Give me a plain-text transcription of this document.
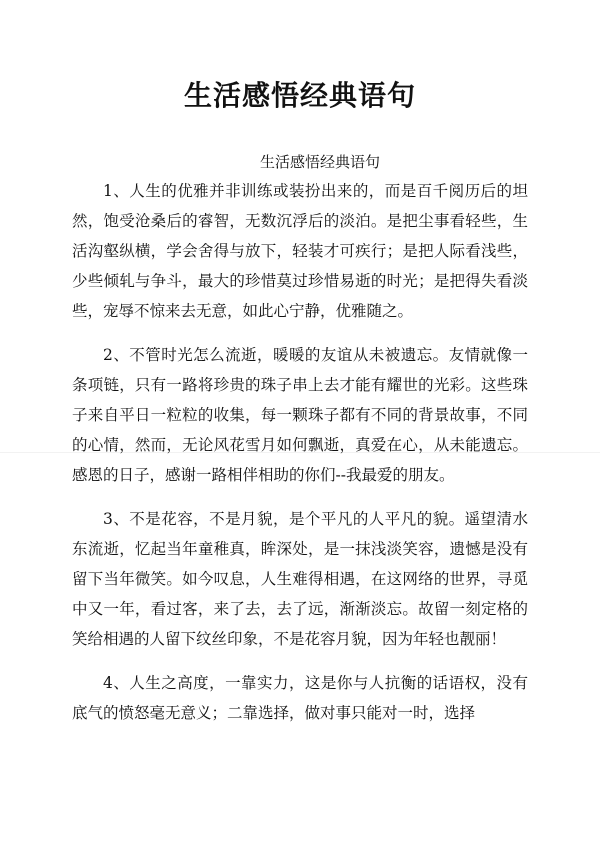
生活感悟经典语句
生活感悟经典语句

1、人生的优雅并非训练或装扮出来的，而是百千阅历后的坦然，饱受沧桑后的睿智，无数沉浮后的淡泊。是把尘事看轻些，生活沟壑纵横，学会舍得与放下，轻装才可疾行；是把人际看浅些，少些倾轧与争斗，最大的珍惜莫过珍惜易逝的时光；是把得失看淡些，宠辱不惊来去无意，如此心宁静，优雅随之。

2、不管时光怎么流逝，暖暖的友谊从未被遗忘。友情就像一条项链，只有一路将珍贵的珠子串上去才能有耀世的光彩。这些珠子来自平日一粒粒的收集，每一颗珠子都有不同的背景故事，不同的心情，然而，无论风花雪月如何飘逝，真爱在心，从未能遗忘。感恩的日子，感谢一路相伴相助的你们--我最爱的朋友。

3、不是花容，不是月貌，是个平凡的人平凡的貌。遥望清水东流逝，忆起当年童稚真，眸深处，是一抹浅淡笑容，遗憾是没有留下当年微笑。如今叹息，人生难得相遇，在这网络的世界，寻觅中又一年，看过客，来了去，去了远，渐渐淡忘。故留一刻定格的笑给相遇的人留下纹丝印象，不是花容月貌，因为年轻也靓丽！

4、人生之高度，一靠实力，这是你与人抗衡的话语权，没有底气的愤怒毫无意义；二靠选择，做对事只能对一时，选择
